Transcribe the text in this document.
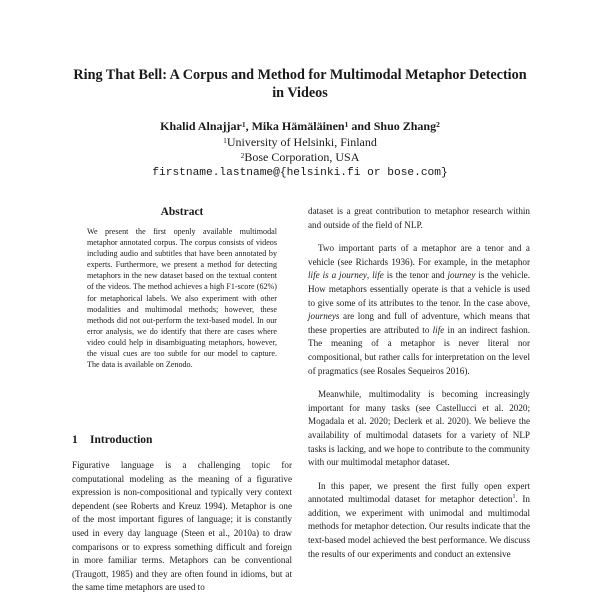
Ring That Bell: A Corpus and Method for Multimodal Metaphor Detection
in Videos
Khalid Alnajjar$^1$, Mika Hämäläinen$^1$ and Shuo Zhang$^2$
$^1$University of Helsinki, Finland
$^2$Bose Corporation, USA
firstname.lastname@{helsinki.fi or bose.com}
Abstract

We present the first openly available multimodal metaphor annotated corpus. The corpus consists of videos including audio and subtitles that have been annotated by experts. Furthermore, we present a method for detecting metaphors in the new dataset based on the textual content of the videos. The method achieves a high F1-score (62%) for metaphorical labels. We also experiment with other modalities and multimodal methods; however, these methods did not out-perform the text-based model. In our error analysis, we do identify that there are cases where video could help in disambiguating metaphors, however, the visual cues are too subtle for our model to capture. The data is available on Zenodo.

1 Introduction

Figurative language is a challenging topic for computational modeling as the meaning of a figurative expression is non-compositional and typically very context dependent (see Roberts and Kreuz 1994). Metaphor is one of the most important figures of language; it is constantly used in every day language (Steen et al., 2010a) to draw comparisons or to express something difficult and foreign in more familiar terms. Metaphors can be conventional (Traugott, 1985) and they are often found in idioms, but at the same time metaphors are used to

dataset is a great contribution to metaphor research within and outside of the field of NLP.

Two important parts of a metaphor are a tenor and a vehicle (see Richards 1936). For example, in the metaphor life is a journey, life is the tenor and journey is the vehicle. How metaphors essentially operate is that a vehicle is used to give some of its attributes to the tenor. In the case above, journeys are long and full of adventure, which means that these properties are attributed to life in an indirect fashion. The meaning of a metaphor is never literal nor compositional, but rather calls for interpretation on the level of pragmatics (see Rosales Sequeiros 2016).

Meanwhile, multimodality is becoming increasingly important for many tasks (see Castellucci et al. 2020; Mogadala et al. 2020; Declerk et al. 2020). We believe the availability of multimodal datasets for a variety of NLP tasks is lacking, and we hope to contribute to the community with our multimodal metaphor dataset.

In this paper, we present the first fully open expert annotated multimodal dataset for metaphor detection$^1$. In addition, we experiment with unimodal and multimodal methods for metaphor detection. Our results indicate that the text-based model achieved the best performance. We discuss the results of our experiments and conduct an extensive
